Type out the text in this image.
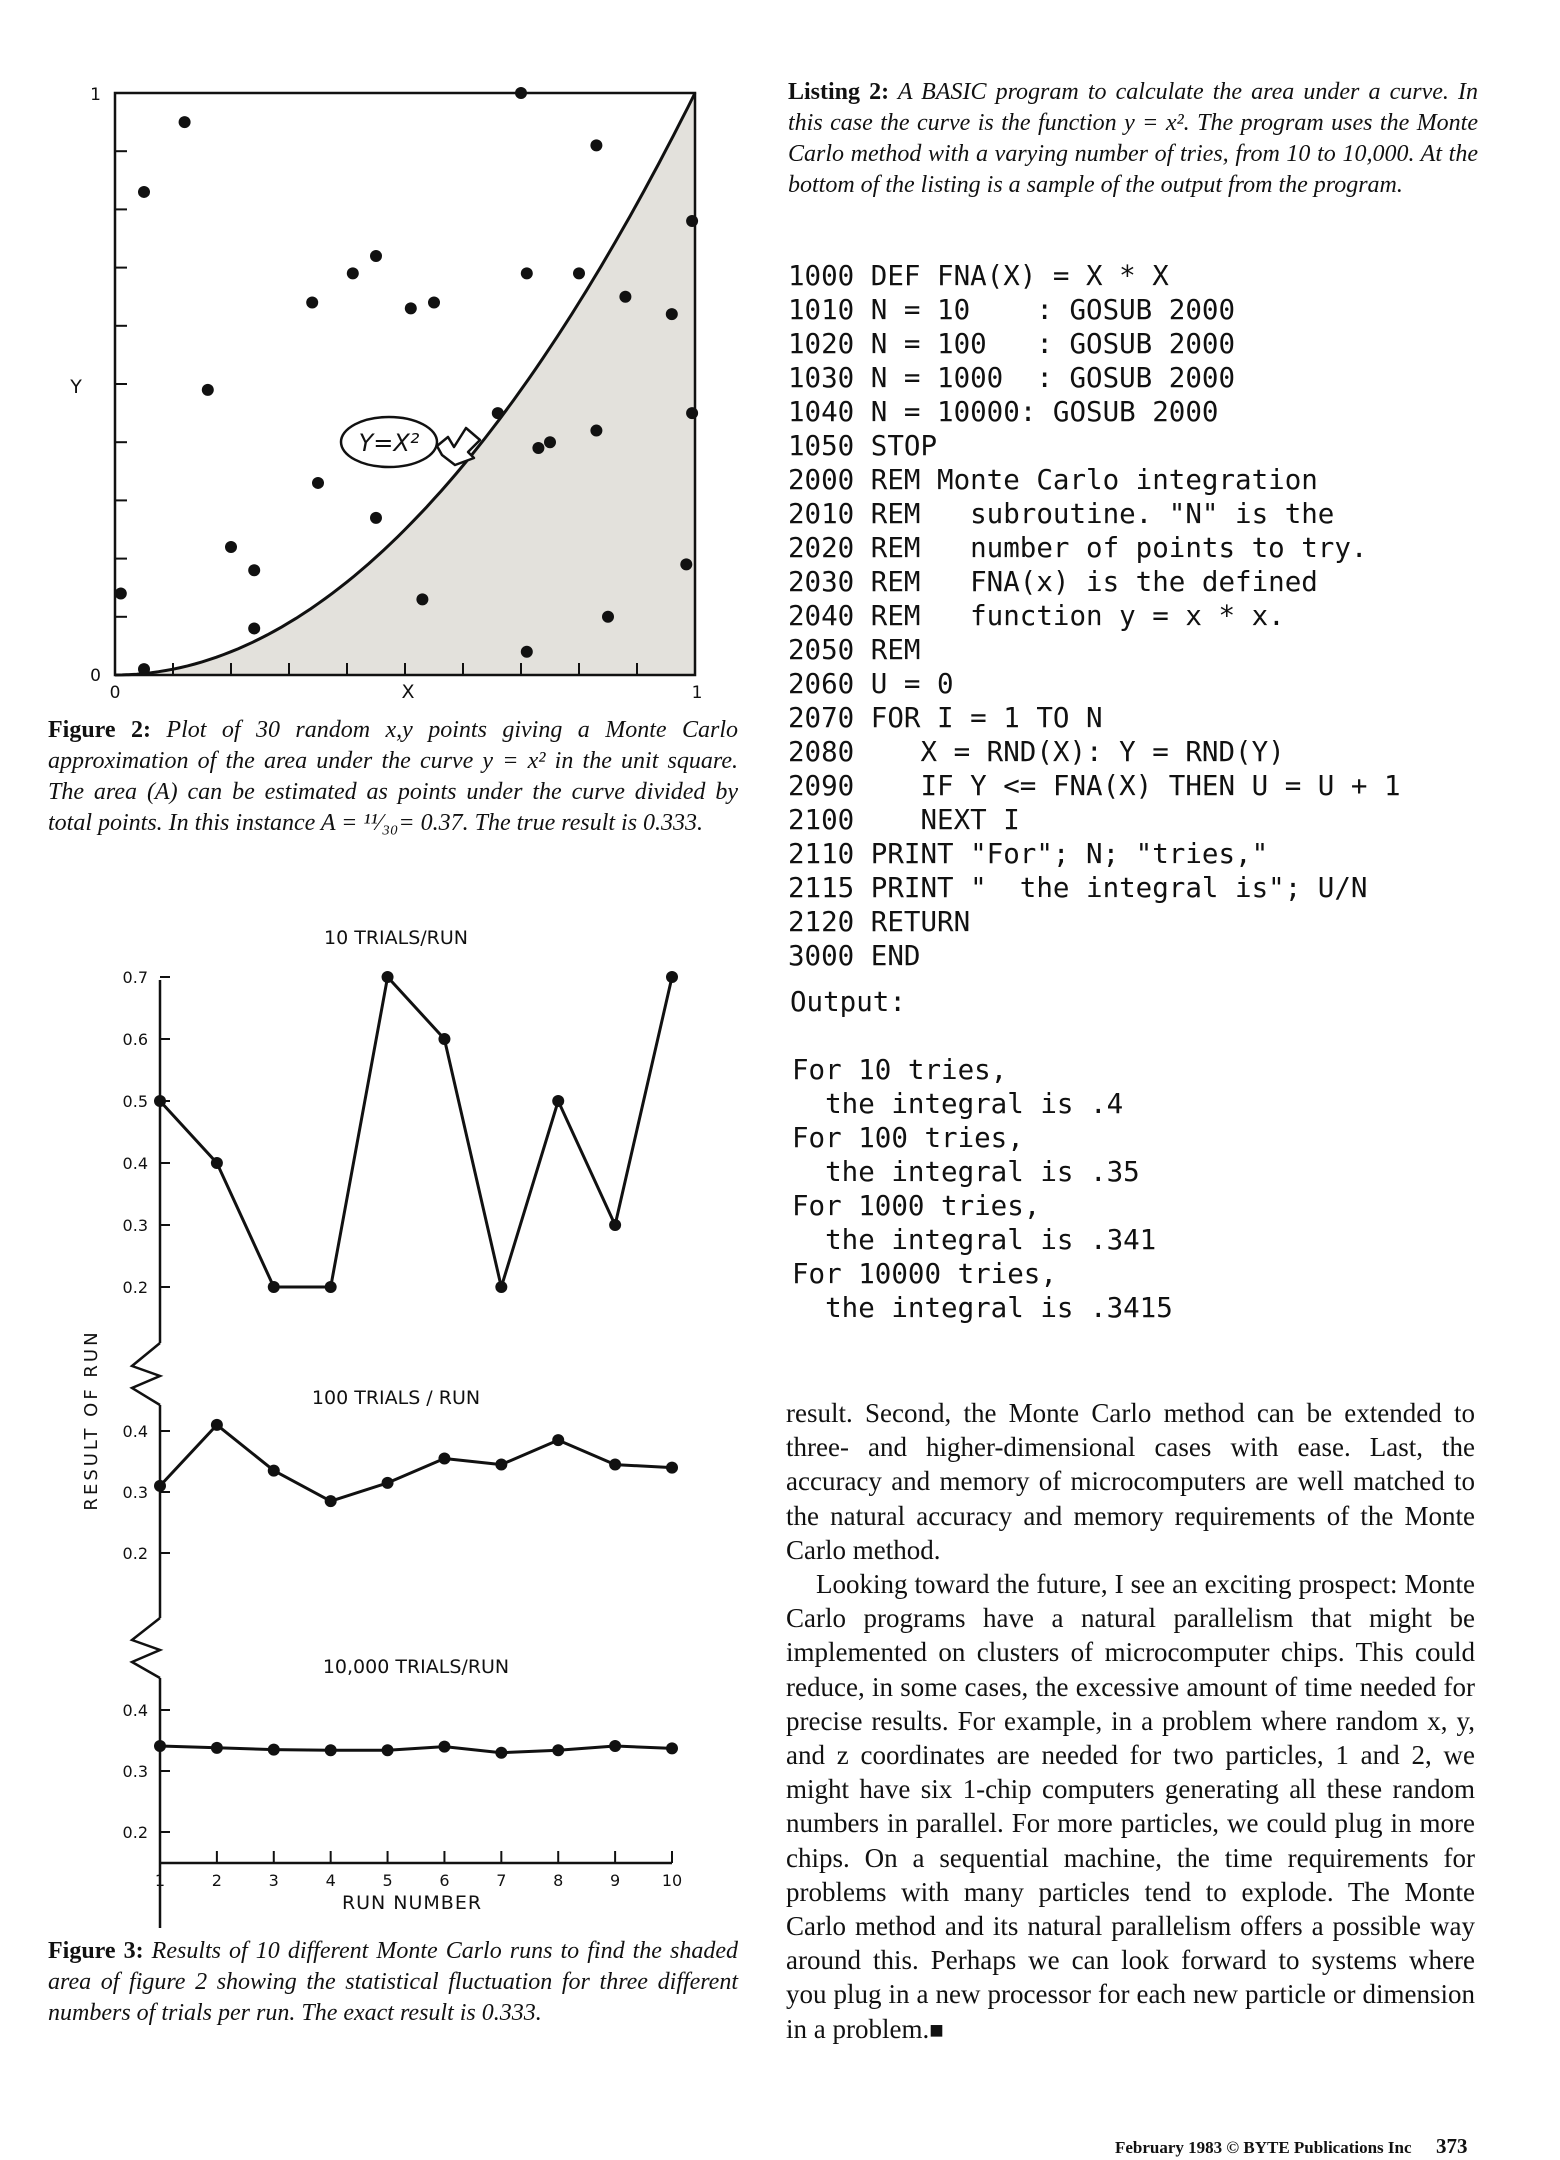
1
0
0	1
Y
X
Y=X²
Figure 2: Plot of 30 random x,y points giving a Monte Carlo approximation of the area under the curve y = x² in the unit square. The area (A) can be estimated as points under the curve divided by total points. In this instance A = ¹¹⁄₃₀= 0.37. The true result is 0.333.
0.2
0.3
0.4
0.5
0.6
0.7
0.2
0.3
0.4
0.2
0.3
0.4
1	2	3	4	5	6	7	8	9	10
10 TRIALS/RUN
100 TRIALS / RUN
10,000 TRIALS/RUN
RESULT OF RUN
RUN NUMBER
Figure 3: Results of 10 different Monte Carlo runs to find the shaded area of figure 2 showing the statistical fluctuation for three different numbers of trials per run. The exact result is 0.333.
Listing 2: A BASIC program to calculate the area under a curve. In this case the curve is the function y = x². The program uses the Monte Carlo method with a varying number of tries, from 10 to 10,000. At the bottom of the listing is a sample of the output from the program.
1000 DEF FNA(X) = X * X
1010 N = 10    : GOSUB 2000
1020 N = 100   : GOSUB 2000
1030 N = 1000  : GOSUB 2000
1040 N = 10000: GOSUB 2000
1050 STOP
2000 REM Monte Carlo integration
2010 REM   subroutine. "N" is the
2020 REM   number of points to try.
2030 REM   FNA(x) is the defined
2040 REM   function y = x * x.
2050 REM
2060 U = 0
2070 FOR I = 1 TO N
2080    X = RND(X): Y = RND(Y)
2090    IF Y <= FNA(X) THEN U = U + 1
2100    NEXT I
2110 PRINT "For"; N; "tries,"
2115 PRINT "  the integral is"; U/N
2120 RETURN
3000 END
Output:
For 10 tries,
the integral is .4
For 100 tries,
the integral is .35
For 1000 tries,
the integral is .341
For 10000 tries,
the integral is .3415

result. Second, the Monte Carlo method can be extended to three- and higher-dimensional cases with ease. Last, the accuracy and memory of microcomputers are well matched to the natural accuracy and memory requirements of the Monte Carlo method.

Looking toward the future, I see an exciting prospect: Monte Carlo programs have a natural parallelism that might be implemented on clusters of microcomputer chips. This could reduce, in some cases, the excessive amount of time needed for precise results. For example, in a problem where random x, y, and z coordinates are needed for two particles, 1 and 2, we might have six 1-chip computers generating all these random numbers in parallel. For more particles, we could plug in more chips. On a sequential machine, the time requirements for problems with many particles tend to explode. The Monte Carlo method and its natural parallelism offers a possible way around this. Perhaps we can look forward to systems where you plug in a new processor for each new particle or dimension in a problem.■

February 1983 © BYTE Publications Inc 373
